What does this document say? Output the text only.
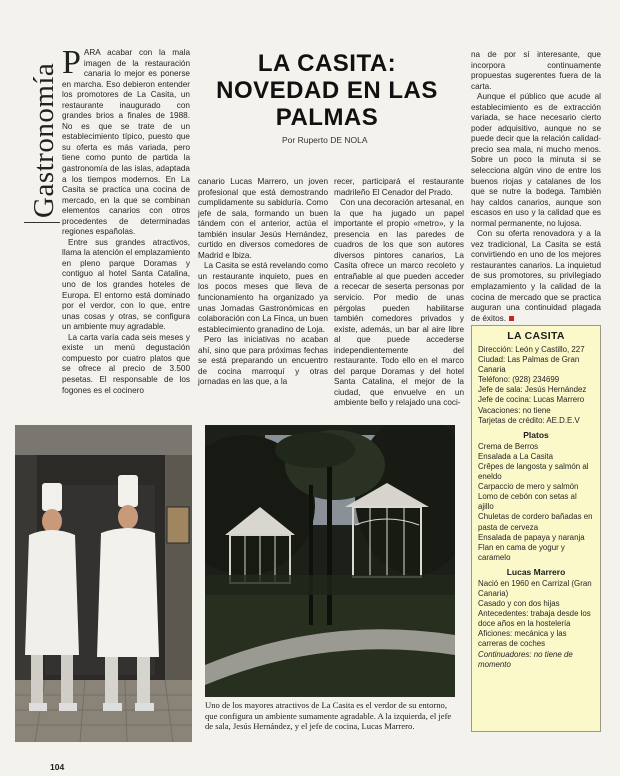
Gastronomía

PARA acabar con la mala imagen de la restauración canaria lo mejor es ponerse en marcha. Eso debieron entender los promotores de La Casita, un restaurante inaugurado con grandes brios a finales de 1988. No es que se trate de un establecimiento típico, puesto que su oferta es más variada, pero tiene como punto de partida la gastronomía de las islas, adaptada a los tiempos modernos. En La Casita se practica una cocina de mercado, en la que se combinan elementos canarios con otros procedentes de determinadas regiones españolas.

Entre sus grandes atractivos, llama la atención el emplazamiento en pleno parque Doramas y contiguo al hotel Santa Catalina, uno de los grandes hoteles de Europa. El entorno está dominado por el verdor, con lo que, entre unas cosas y otras, se configura un ambiente muy agradable.

La carta varía cada seis meses y existe un menú degustación compuesto por cuatro platos que se ofrece al precio de 3.500 pesetas. El responsable de los fogones es el cocinero

LA CASITA: NOVEDAD EN LAS PALMAS
Por Ruperto DE NOLA

canario Lucas Marrero, un joven profesional que está demostrando cumplidamente su sabiduría. Como jefe de sala, formando un buen tándem con el anterior, actúa el también insular Jesús Hernández, curtido en diversos comedores de Madrid e Ibiza.

La Casita se está revelando como un restaurante inquieto, pues en los pocos meses que lleva de funcionamiento ha organizado ya unas Jornadas Gastronómicas en colaboración con La Finca, un buen establecimiento granadino de Loja.

Pero las iniciativas no acaban ahí, sino que para próximas fechas se está preparando un encuentro de cocina marroquí y otras jornadas en las que, a la

recer, participará el restaurante madrileño El Cenador del Prado.

Con una decoración artesanal, en la que ha jugado un papel importante el propio «metro», y la presencia en las paredes de cuadros de los que son autores diversos pintores canarios, La Casita ofrece un marco recoleto y entrañable al que pueden acceder a rececar de seserta personas por servicio. Por medio de unas pérgolas pueden habilitarse también comedores privados y existe, además, un bar al aire libre al que puede accederse independientemente del restaurante. Todo ello en el marco del parque Doramas y del hotel Santa Catalina, el mejor de la ciudad, que envuelve en un ambiente bello y relajado una coci-

na de por sí interesante, que incorpora continuamente propuestas sugerentes fuera de la carta.

Aunque el público que acude al establecimiento es de extracción variada, se hace necesario cierto poder adquisitivo, aunque no se puede decir que la relación calidad-precio sea mala, ni mucho menos. Sobre un poco la minuta si se selecciona algún vino de entre los buenos riojas y catalanes de los que se nutre la bodega. También hay caldos canarios, aunque son escasos en uso y la calidad que es normal permanente, no lujosa.

Con su oferta renovadora y a la vez tradicional, La Casita se está convirtiendo en uno de los mejores restaurantes canarios. La inquietud de sus promotores, su privilegiado emplazamiento y la calidad de la cocina de mercado que se practica auguran una continuidad plagada de éxitos.

Uno de los mayores atractivos de La Casita es el verdor de su entorno, que configura un ambiente sumamente agradable. A la izquierda, el jefe de sala, Jesús Hernández, y el jefe de cocina, Lucas Marrero.

LA CASITA
Dirección: León y Castillo, 227
Ciudad: Las Palmas de Gran Canaria
Teléfono: (928) 234699
Jefe de sala: Jesús Hernández
Jefe de cocina: Lucas Marrero
Vacaciones: no tiene
Tarjetas de crédito: AE.D.E.V
Platos
Crema de Berros
Ensalada a La Casita
Crêpes de langosta y salmón al eneldo
Carpaccio de mero y salmón
Lomo de cebón con setas al ajillo
Chuletas de cordero bañadas en pasta de cerveza
Ensalada de papaya y naranja
Flan en cama de yogur y caramelo
Lucas Marrero
Nació en 1960 en Carrizal (Gran Canaria)
Casado y con dos hijas
Antecedentes: trabaja desde los doce años en la hostelería
Aficiones: mecánica y las carreras de coches
Continuadores: no tiene de momento
104
